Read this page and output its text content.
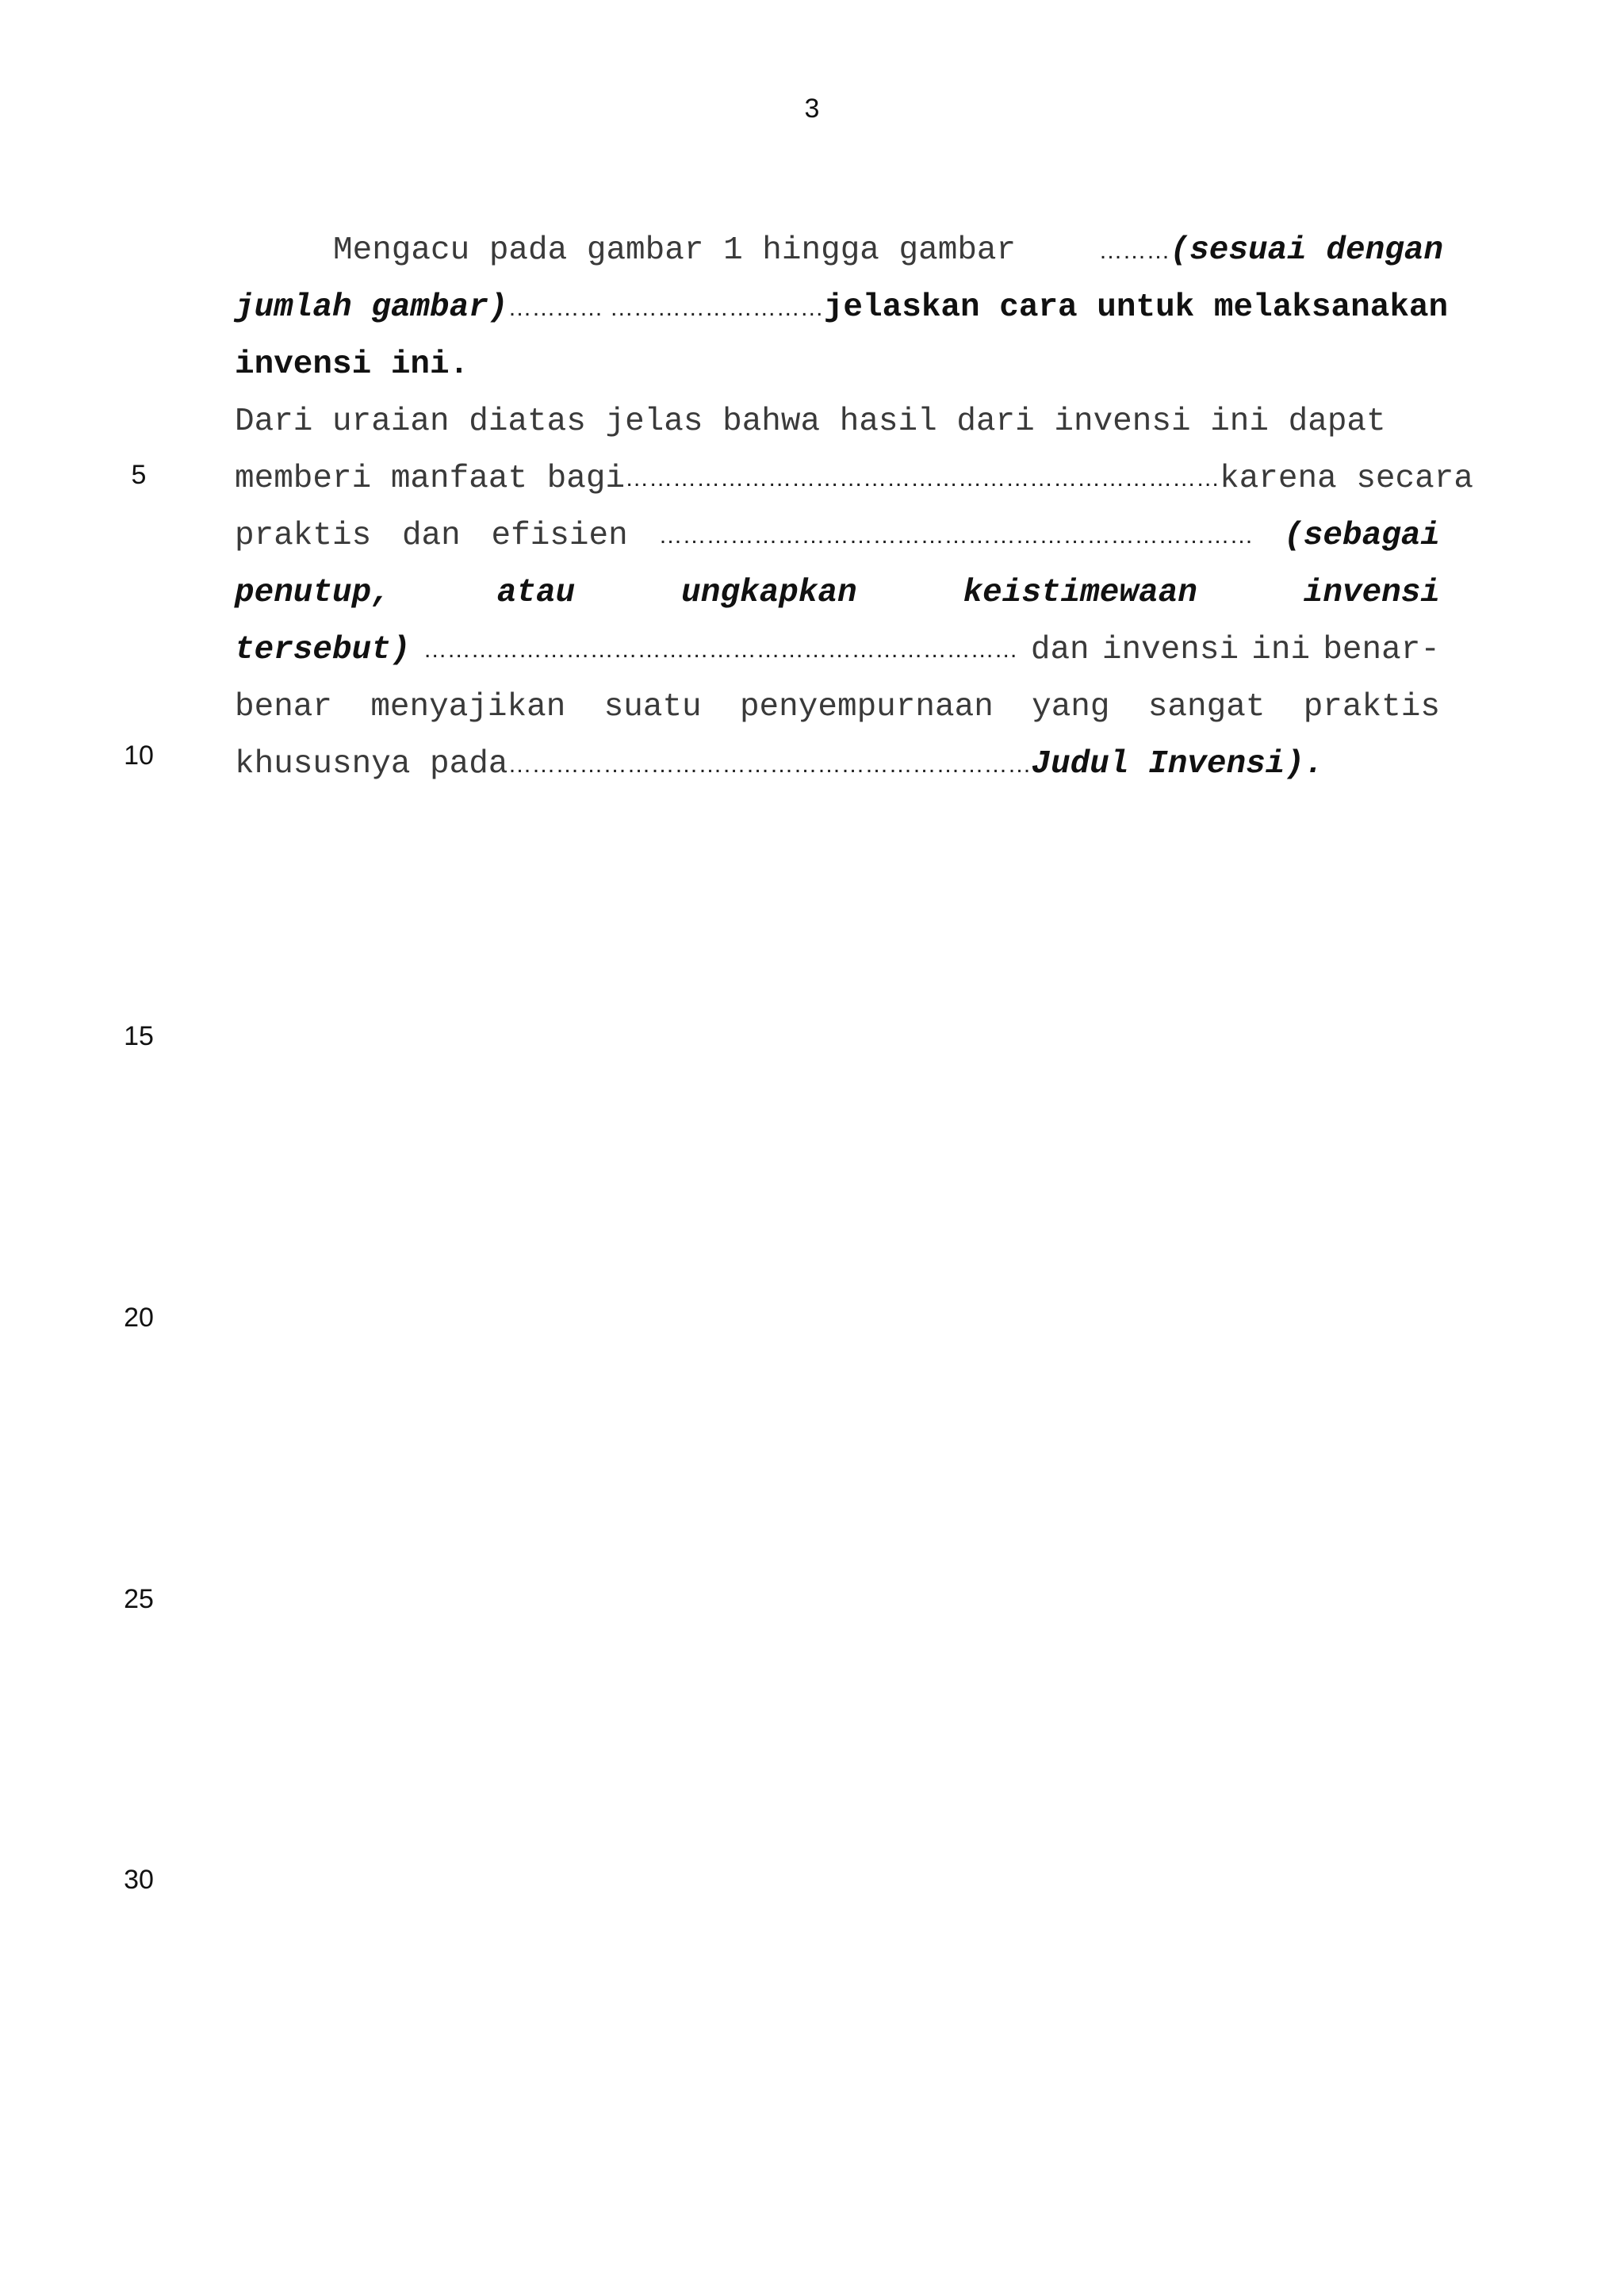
3
5
10
15
20
25
30
Mengacu pada gambar 1 hingga gambar	………(sesuai dengan
jumlah gambar)………… ……………………… jelaskan cara untuk melaksanakan
invensi ini.
Dari uraian diatas jelas bahwa hasil dari invensi ini dapat
memberi manfaat bagi ………………………………………………………………… karena secara
praktis dan efisien ………………………………………………………………… (sebagai
penutup,	atau	ungkapkan	keistimewaan	invensi
tersebut) ………………………………………………………………… dan invensi ini benar-
benar menyajikan suatu penyempurnaan yang sangat praktis
khususnya pada…………………………………………………………Judul Invensi).
